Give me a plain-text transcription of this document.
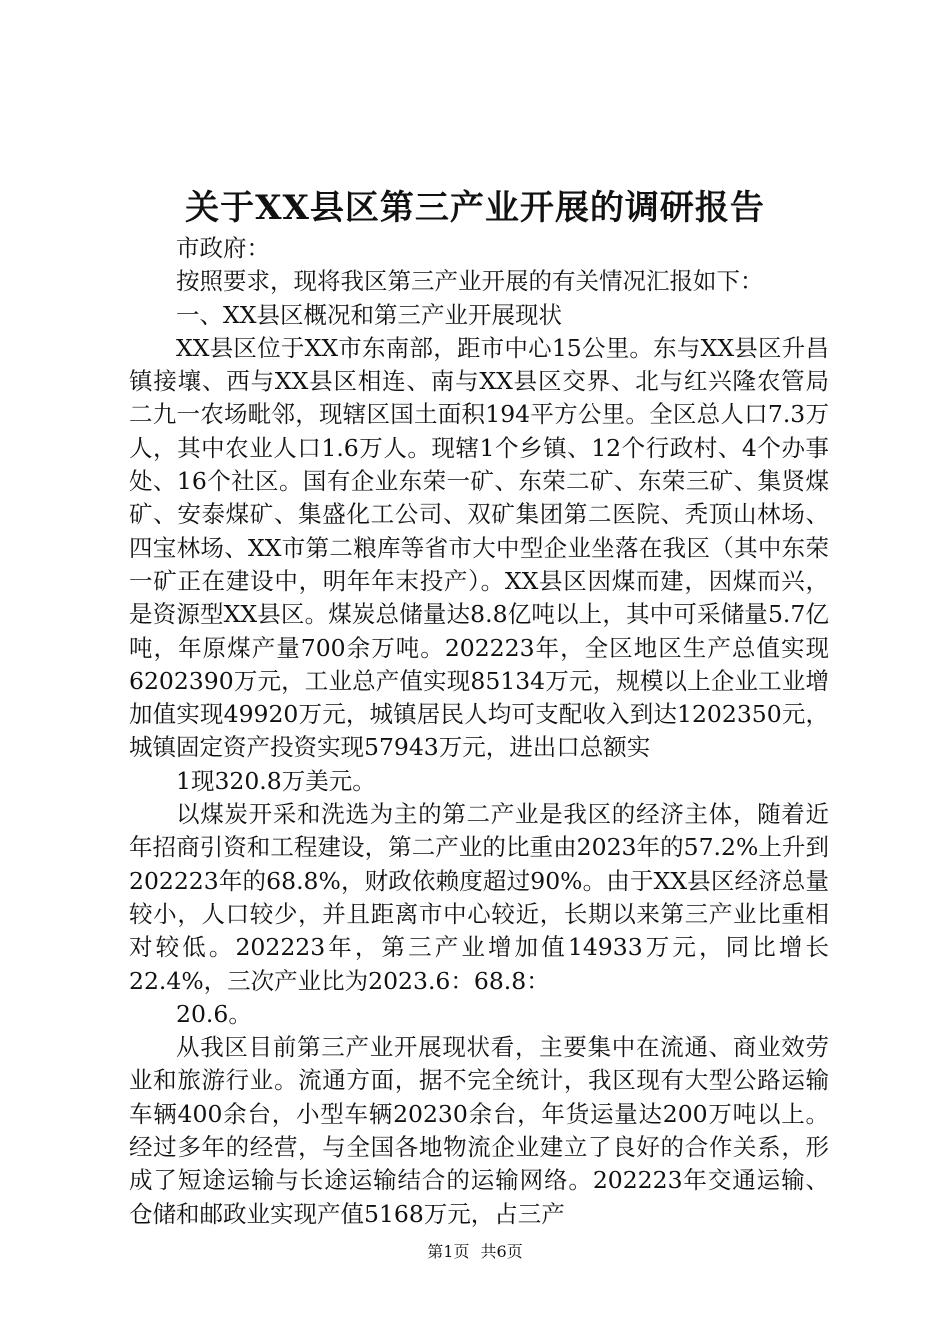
关于XX县区第三产业开展的调研报告

市政府：

按照要求，现将我区第三产业开展的有关情况汇报如下：

一、XX县区概况和第三产业开展现状

XX县区位于XX市东南部，距市中心15公里。东与XX县区升昌镇接壤、西与XX县区相连、南与XX县区交界、北与红兴隆农管局二九一农场毗邻，现辖区国土面积194平方公里。全区总人口7.3万人，其中农业人口1.6万人。现辖1个乡镇、12个行政村、4个办事处、16个社区。国有企业东荣一矿、东荣二矿、东荣三矿、集贤煤矿、安泰煤矿、集盛化工公司、双矿集团第二医院、秃顶山林场、四宝林场、XX市第二粮库等省市大中型企业坐落在我区（其中东荣一矿正在建设中，明年年末投产）。XX县区因煤而建，因煤而兴，是资源型XX县区。煤炭总储量达8.8亿吨以上，其中可采储量5.7亿吨，年原煤产量700余万吨。202223年，全区地区生产总值实现6202390万元，工业总产值实现85134万元，规模以上企业工业增加值实现49920万元，城镇居民人均可支配收入到达1202350元，城镇固定资产投资实现57943万元，进出口总额实

1现320.8万美元。

以煤炭开采和洗选为主的第二产业是我区的经济主体，随着近年招商引资和工程建设，第二产业的比重由2023年的57.2%上升到202223年的68.8%，财政依赖度超过90%。由于XX县区经济总量较小，人口较少，并且距离市中心较近，长期以来第三产业比重相对较低。202223年，第三产业增加值14933万元，同比增长22.4%，三次产业比为2023.6：68.8：

20.6。

从我区目前第三产业开展现状看，主要集中在流通、商业效劳业和旅游行业。流通方面，据不完全统计，我区现有大型公路运输车辆400余台，小型车辆20230余台，年货运量达200万吨以上。经过多年的经营，与全国各地物流企业建立了良好的合作关系，形成了短途运输与长途运输结合的运输网络。202223年交通运输、仓储和邮政业实现产值5168万元，占三产

第1页 共6页
